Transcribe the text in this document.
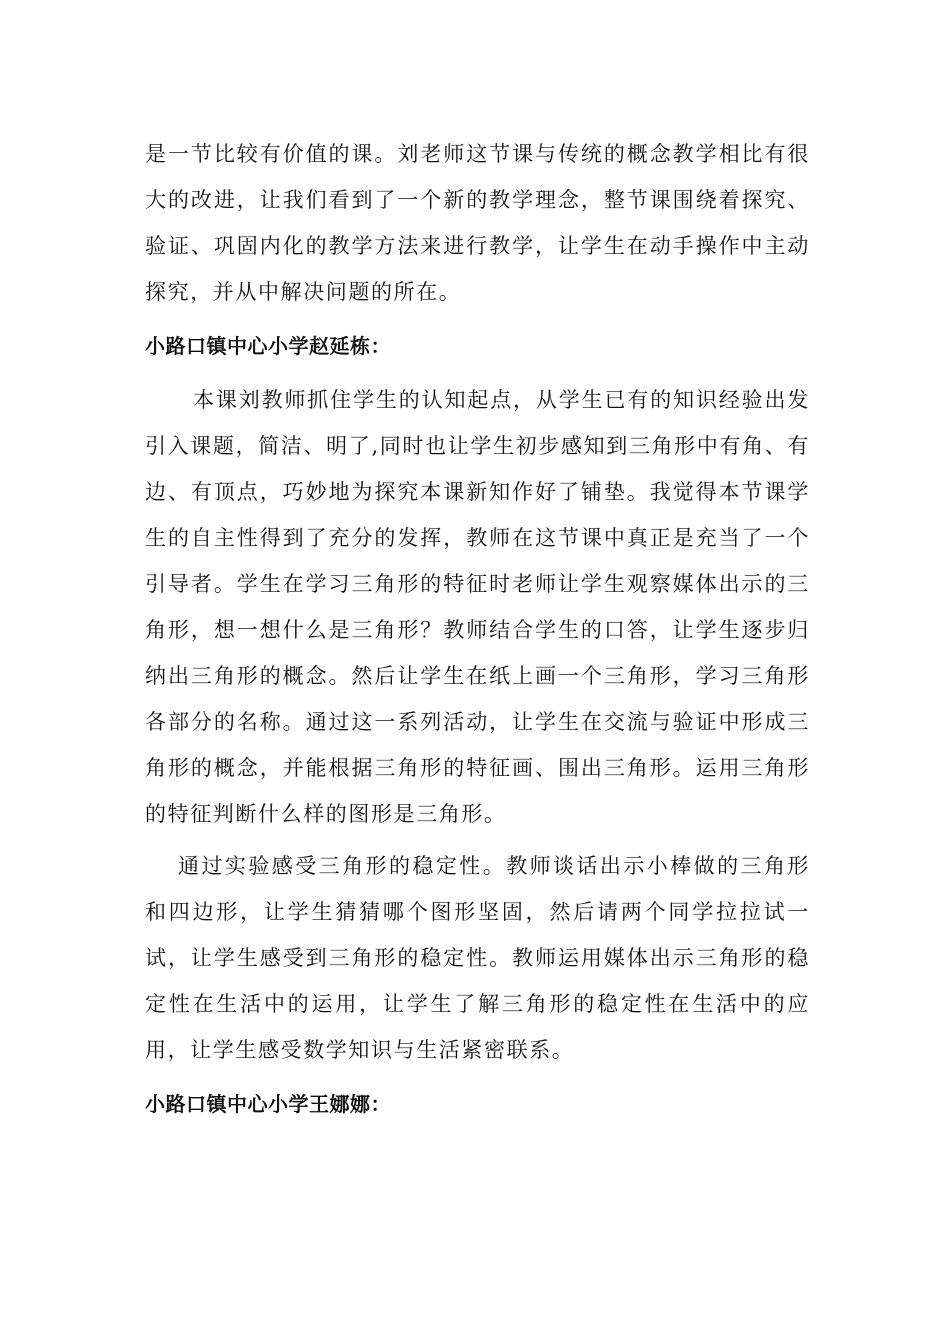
是一节比较有价值的课。刘老师这节课与传统的概念教学相比有很大的改进，让我们看到了一个新的教学理念，整节课围绕着探究、验证、巩固内化的教学方法来进行教学，让学生在动手操作中主动探究，并从中解决问题的所在。

小路口镇中心小学赵延栋：

本课刘教师抓住学生的认知起点，从学生已有的知识经验出发引入课题，简洁、明了,同时也让学生初步感知到三角形中有角、有边、有顶点，巧妙地为探究本课新知作好了铺垫。我觉得本节课学生的自主性得到了充分的发挥，教师在这节课中真正是充当了一个引导者。学生在学习三角形的特征时老师让学生观察媒体出示的三角形，想一想什么是三角形？教师结合学生的口答，让学生逐步归纳出三角形的概念。然后让学生在纸上画一个三角形，学习三角形各部分的名称。通过这一系列活动，让学生在交流与验证中形成三角形的概念，并能根据三角形的特征画、围出三角形。运用三角形的特征判断什么样的图形是三角形。

通过实验感受三角形的稳定性。教师谈话出示小棒做的三角形和四边形，让学生猜猜哪个图形坚固，然后请两个同学拉拉试一试，让学生感受到三角形的稳定性。教师运用媒体出示三角形的稳定性在生活中的运用，让学生了解三角形的稳定性在生活中的应用，让学生感受数学知识与生活紧密联系。

小路口镇中心小学王娜娜：
